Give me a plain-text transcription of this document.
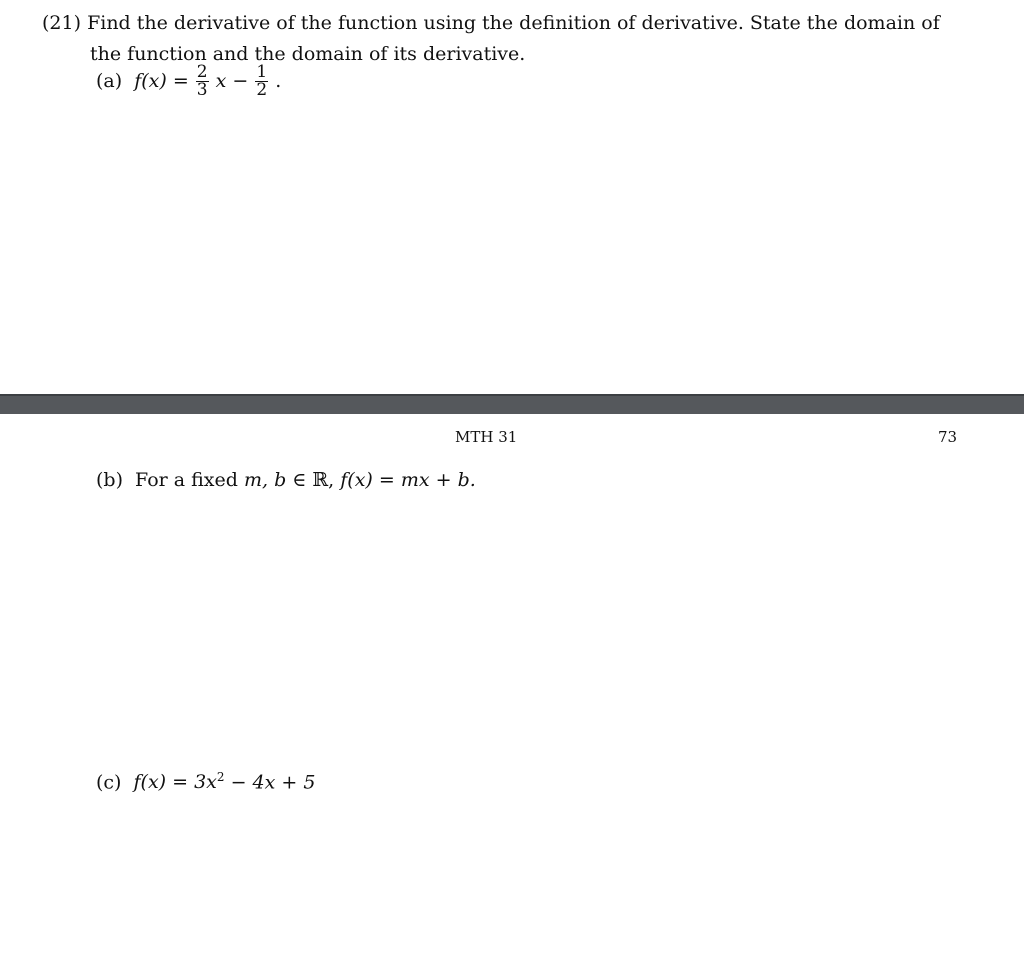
(21) Find the derivative of the function using the definition of derivative. State the domain of
the function and the domain of its derivative.
(a) $f(x) = \frac{2}{3}$ $x - \frac{1}{2}$ .
MTH 31	73
(b) For a fixed m, b ∈ ℝ, f(x) = mx + b.
(c) $f(x) = 3x^2 - 4x + 5$
